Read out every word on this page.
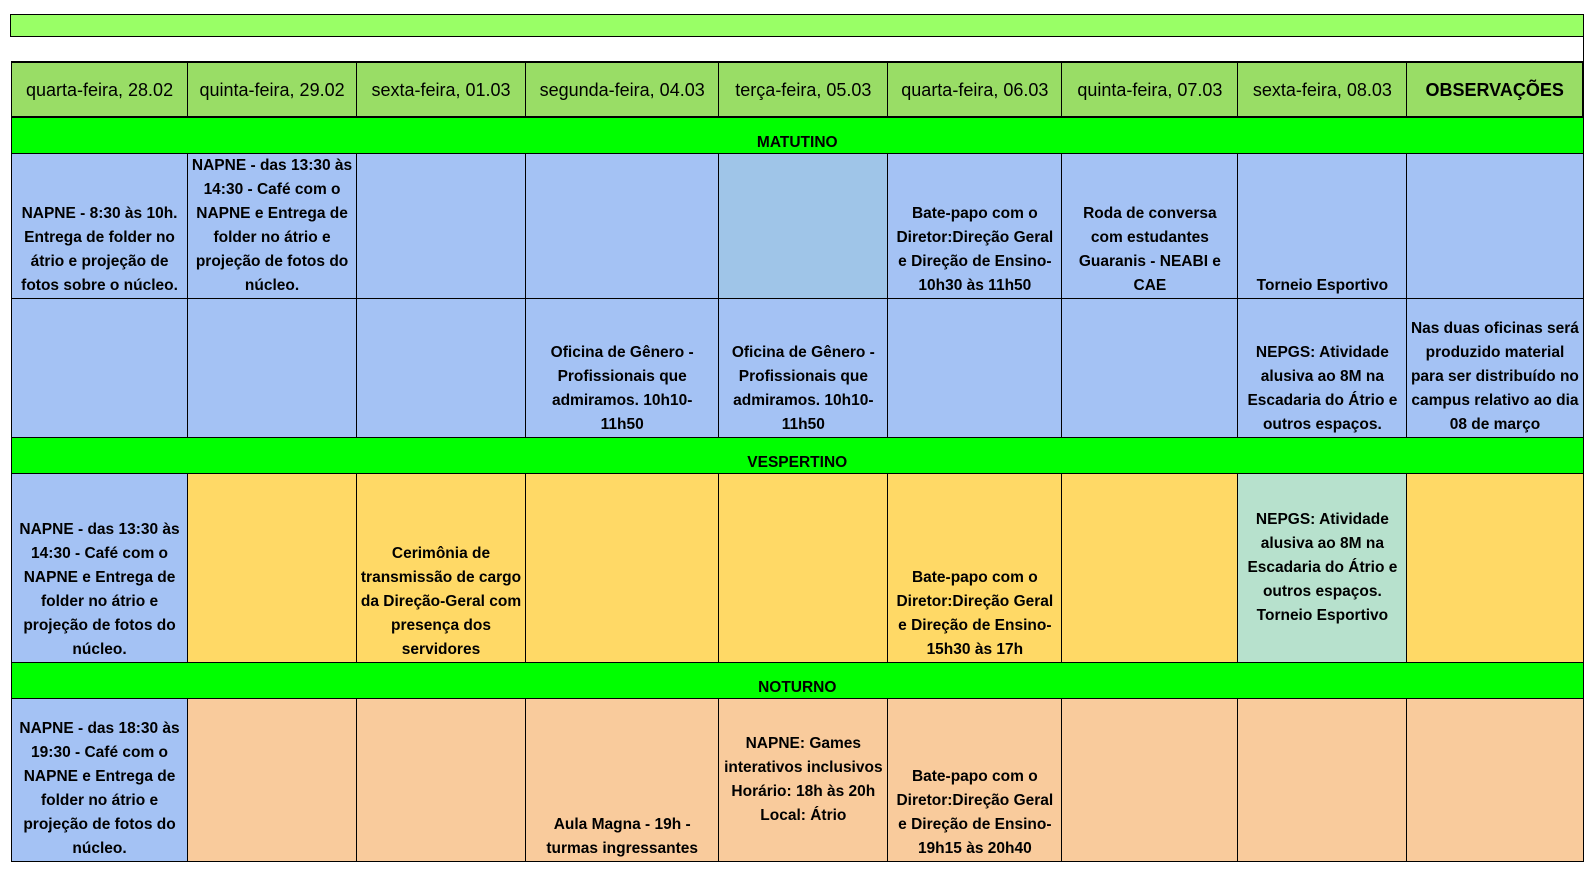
quarta-feira, 28.02	quinta-feira, 29.02	sexta-feira, 01.03	segunda-feira, 04.03	terça-feira, 05.03	quarta-feira, 06.03	quinta-feira, 07.03	sexta-feira, 08.03	OBSERVAÇÕES
MATUTINO								
NAPNE - 8:30 às 10h. Entrega de folder no átrio e projeção de fotos sobre o núcleo.	NAPNE - das 13:30 às 14:30 - Café com o NAPNE e Entrega de folder no átrio e projeção de fotos do núcleo.				Bate-papo com o Diretor:Direção Geral e Direção de Ensino- 10h30 às 11h50	Roda de conversa com estudantes Guaranis - NEABI e CAE	Torneio Esportivo	
			Oficina de Gênero - Profissionais que admiramos. 10h10- 11h50	Oficina de Gênero - Profissionais que admiramos. 10h10- 11h50			NEPGS: Atividade alusiva ao 8M na Escadaria do Átrio e outros espaços.	Nas duas oficinas será produzido material para ser distribuído no campus relativo ao dia 08 de março
VESPERTINO								
NAPNE - das 13:30 às 14:30 - Café com o NAPNE e Entrega de folder no átrio e projeção de fotos do núcleo.		Cerimônia de transmissão de cargo da Direção-Geral com presença dos servidores			Bate-papo com o Diretor:Direção Geral e Direção de Ensino- 15h30 às 17h		NEPGS: Atividade alusiva ao 8M na Escadaria do Átrio e outros espaços. Torneio Esportivo	
NOTURNO								
NAPNE - das 18:30 às 19:30 - Café com o NAPNE e Entrega de folder no átrio e projeção de fotos do núcleo.			Aula Magna - 19h - turmas ingressantes	NAPNE: Games interativos inclusivos Horário: 18h às 20h Local: Átrio	Bate-papo com o Diretor:Direção Geral e Direção de Ensino- 19h15 às 20h40			
